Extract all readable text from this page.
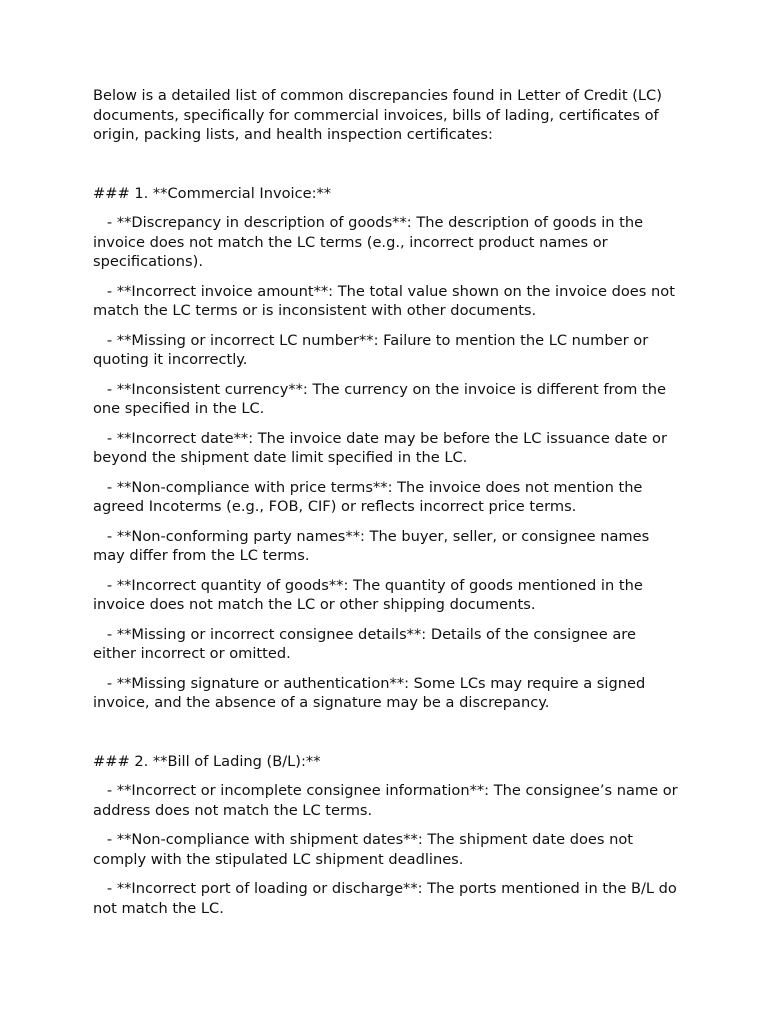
Below is a detailed list of common discrepancies found in Letter of Credit (LC) documents, specifically for commercial invoices, bills of lading, certificates of origin, packing lists, and health inspection certificates:

### 1. **Commercial Invoice:**

- **Discrepancy in description of goods**: The description of goods in the invoice does not match the LC terms (e.g., incorrect product names or specifications).

- **Incorrect invoice amount**: The total value shown on the invoice does not match the LC terms or is inconsistent with other documents.

- **Missing or incorrect LC number**: Failure to mention the LC number or quoting it incorrectly.

- **Inconsistent currency**: The currency on the invoice is different from the one specified in the LC.

- **Incorrect date**: The invoice date may be before the LC issuance date or beyond the shipment date limit specified in the LC.

- **Non-compliance with price terms**: The invoice does not mention the agreed Incoterms (e.g., FOB, CIF) or reflects incorrect price terms.

- **Non-conforming party names**: The buyer, seller, or consignee names may differ from the LC terms.

- **Incorrect quantity of goods**: The quantity of goods mentioned in the invoice does not match the LC or other shipping documents.

- **Missing or incorrect consignee details**: Details of the consignee are either incorrect or omitted.

- **Missing signature or authentication**: Some LCs may require a signed invoice, and the absence of a signature may be a discrepancy.

### 2. **Bill of Lading (B/L):**

- **Incorrect or incomplete consignee information**: The consignee’s name or address does not match the LC terms.

- **Non-compliance with shipment dates**: The shipment date does not comply with the stipulated LC shipment deadlines.

- **Incorrect port of loading or discharge**: The ports mentioned in the B/L do not match the LC.
